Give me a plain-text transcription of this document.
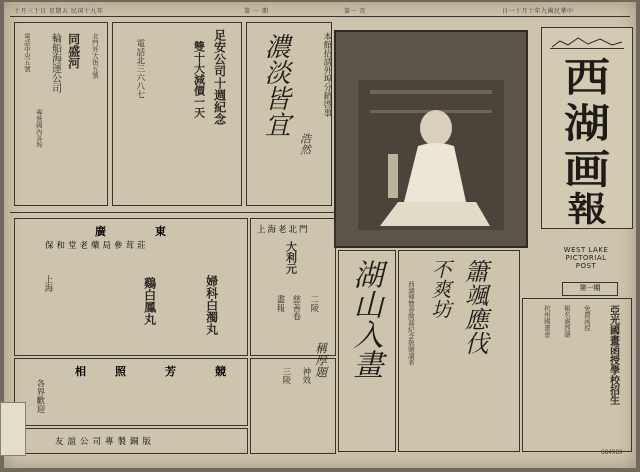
十月三十日 星期五 民国十九年	第 一 期	第一 頁	日一十月十年九國民華中
同盛河
輪船海運公司	北門外大街五號
電話中央五號
專營國內各埠
足安公司十週紀念
雙十大減價一天
電話北三六八七	濃淡皆宜
浩然
本館招請外埠分銷啓事	西
湖
画
報
WEST LAKE
PICTORIAL
POST
第一期
廣	東
保和堂老藥局參茸莊
鷄白鳳丸	婦科白濁丸
上海
上海老北門
大利元
慈善卷 二陵
畫報
相	照	芳	競
各界歡迎
友誼公司專製銅版
三陵 神效 湖山入畫
稱厚題
簫颯應伐
不爽坊
西湖博覽會開幕紀念敬贈讀者	亞光國畫函授學校招生
免費函授
報名處西湖
杭州國畫會
684989
